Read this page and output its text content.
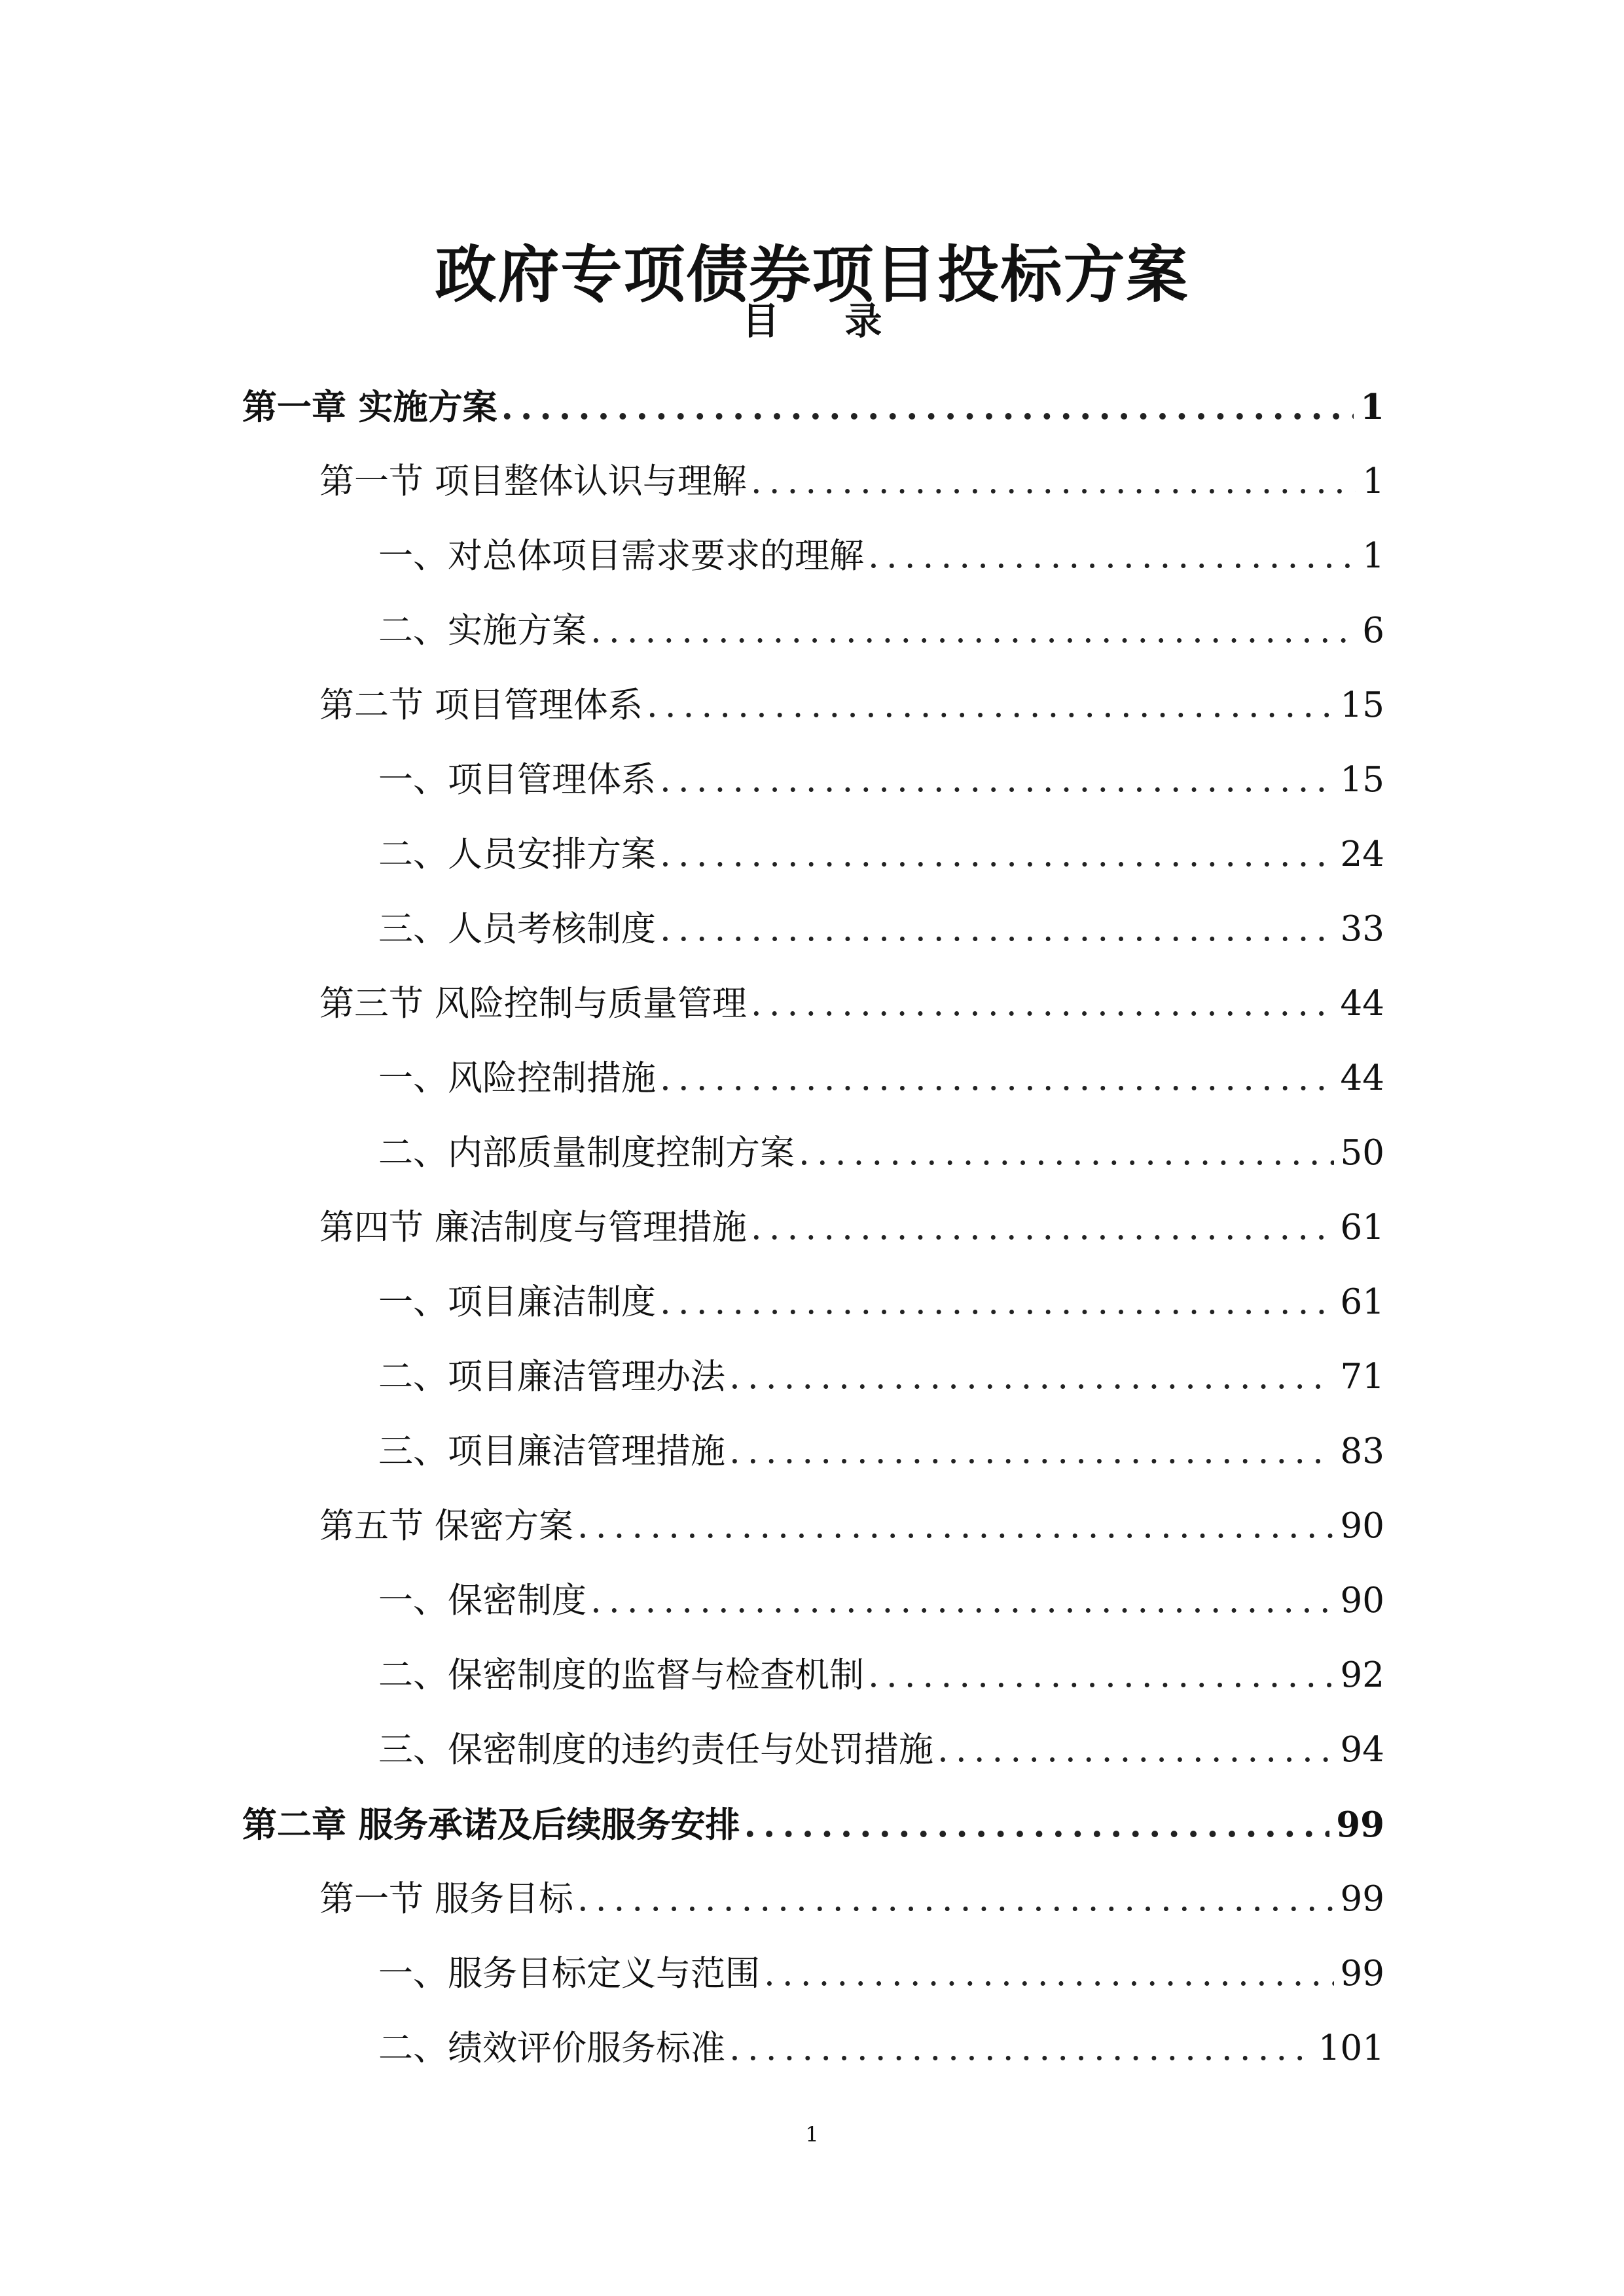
政府专项债券项目投标方案
目 录
第一章 实施方案 .....	1
第一节 项目整体认识与理解 .....	1
一、对总体项目需求要求的理解 .....	1
二、实施方案 .....	6
第二节 项目管理体系 .....	15
一、项目管理体系 .....	15
二、人员安排方案 .....	24
三、人员考核制度 .....	33
第三节 风险控制与质量管理 .....	44
一、风险控制措施 .....	44
二、内部质量制度控制方案 .....	50
第四节 廉洁制度与管理措施 .....	61
一、项目廉洁制度 .....	61
二、项目廉洁管理办法 .....	71
三、项目廉洁管理措施 .....	83
第五节 保密方案 .....	90
一、保密制度 .....	90
二、保密制度的监督与检查机制 .....	92
三、保密制度的违约责任与处罚措施 .....	94
第二章 服务承诺及后续服务安排 .....	99
第一节 服务目标 .....	99
一、服务目标定义与范围 .....	99
二、绩效评价服务标准 .....	101
1
